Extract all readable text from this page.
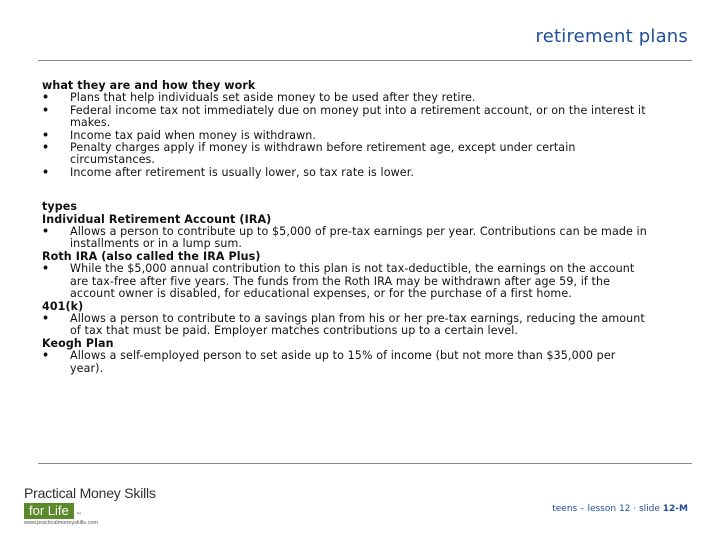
retirement plans
what they are and how they work
• Plans that help individuals set aside money to be used after they retire.
• Federal income tax not immediately due on money put into a retirement account, or on the interest it makes.
• Income tax paid when money is withdrawn.
• Penalty charges apply if money is withdrawn before retirement age, except under certain circumstances.
• Income after retirement is usually lower, so tax rate is lower.
types
Individual Retirement Account (IRA)
• Allows a person to contribute up to $5,000 of pre-tax earnings per year. Contributions can be made in installments or in a lump sum.
Roth IRA (also called the IRA Plus)
• While the $5,000 annual contribution to this plan is not tax-deductible, the earnings on the account are tax-free after five years. The funds from the Roth IRA may be withdrawn after age 59, if the account owner is disabled, for educational expenses, or for the purchase of a first home.
401(k)
• Allows a person to contribute to a savings plan from his or her pre-tax earnings, reducing the amount of tax that must be paid. Employer matches contributions up to a certain level.
Keogh Plan
• Allows a self-employed person to set aside up to 15% of income (but not more than $35,000 per year).
Practical Money Skills
for Life	™
www.practicalmoneyskills.com
teens – lesson 12 · slide 12-M
